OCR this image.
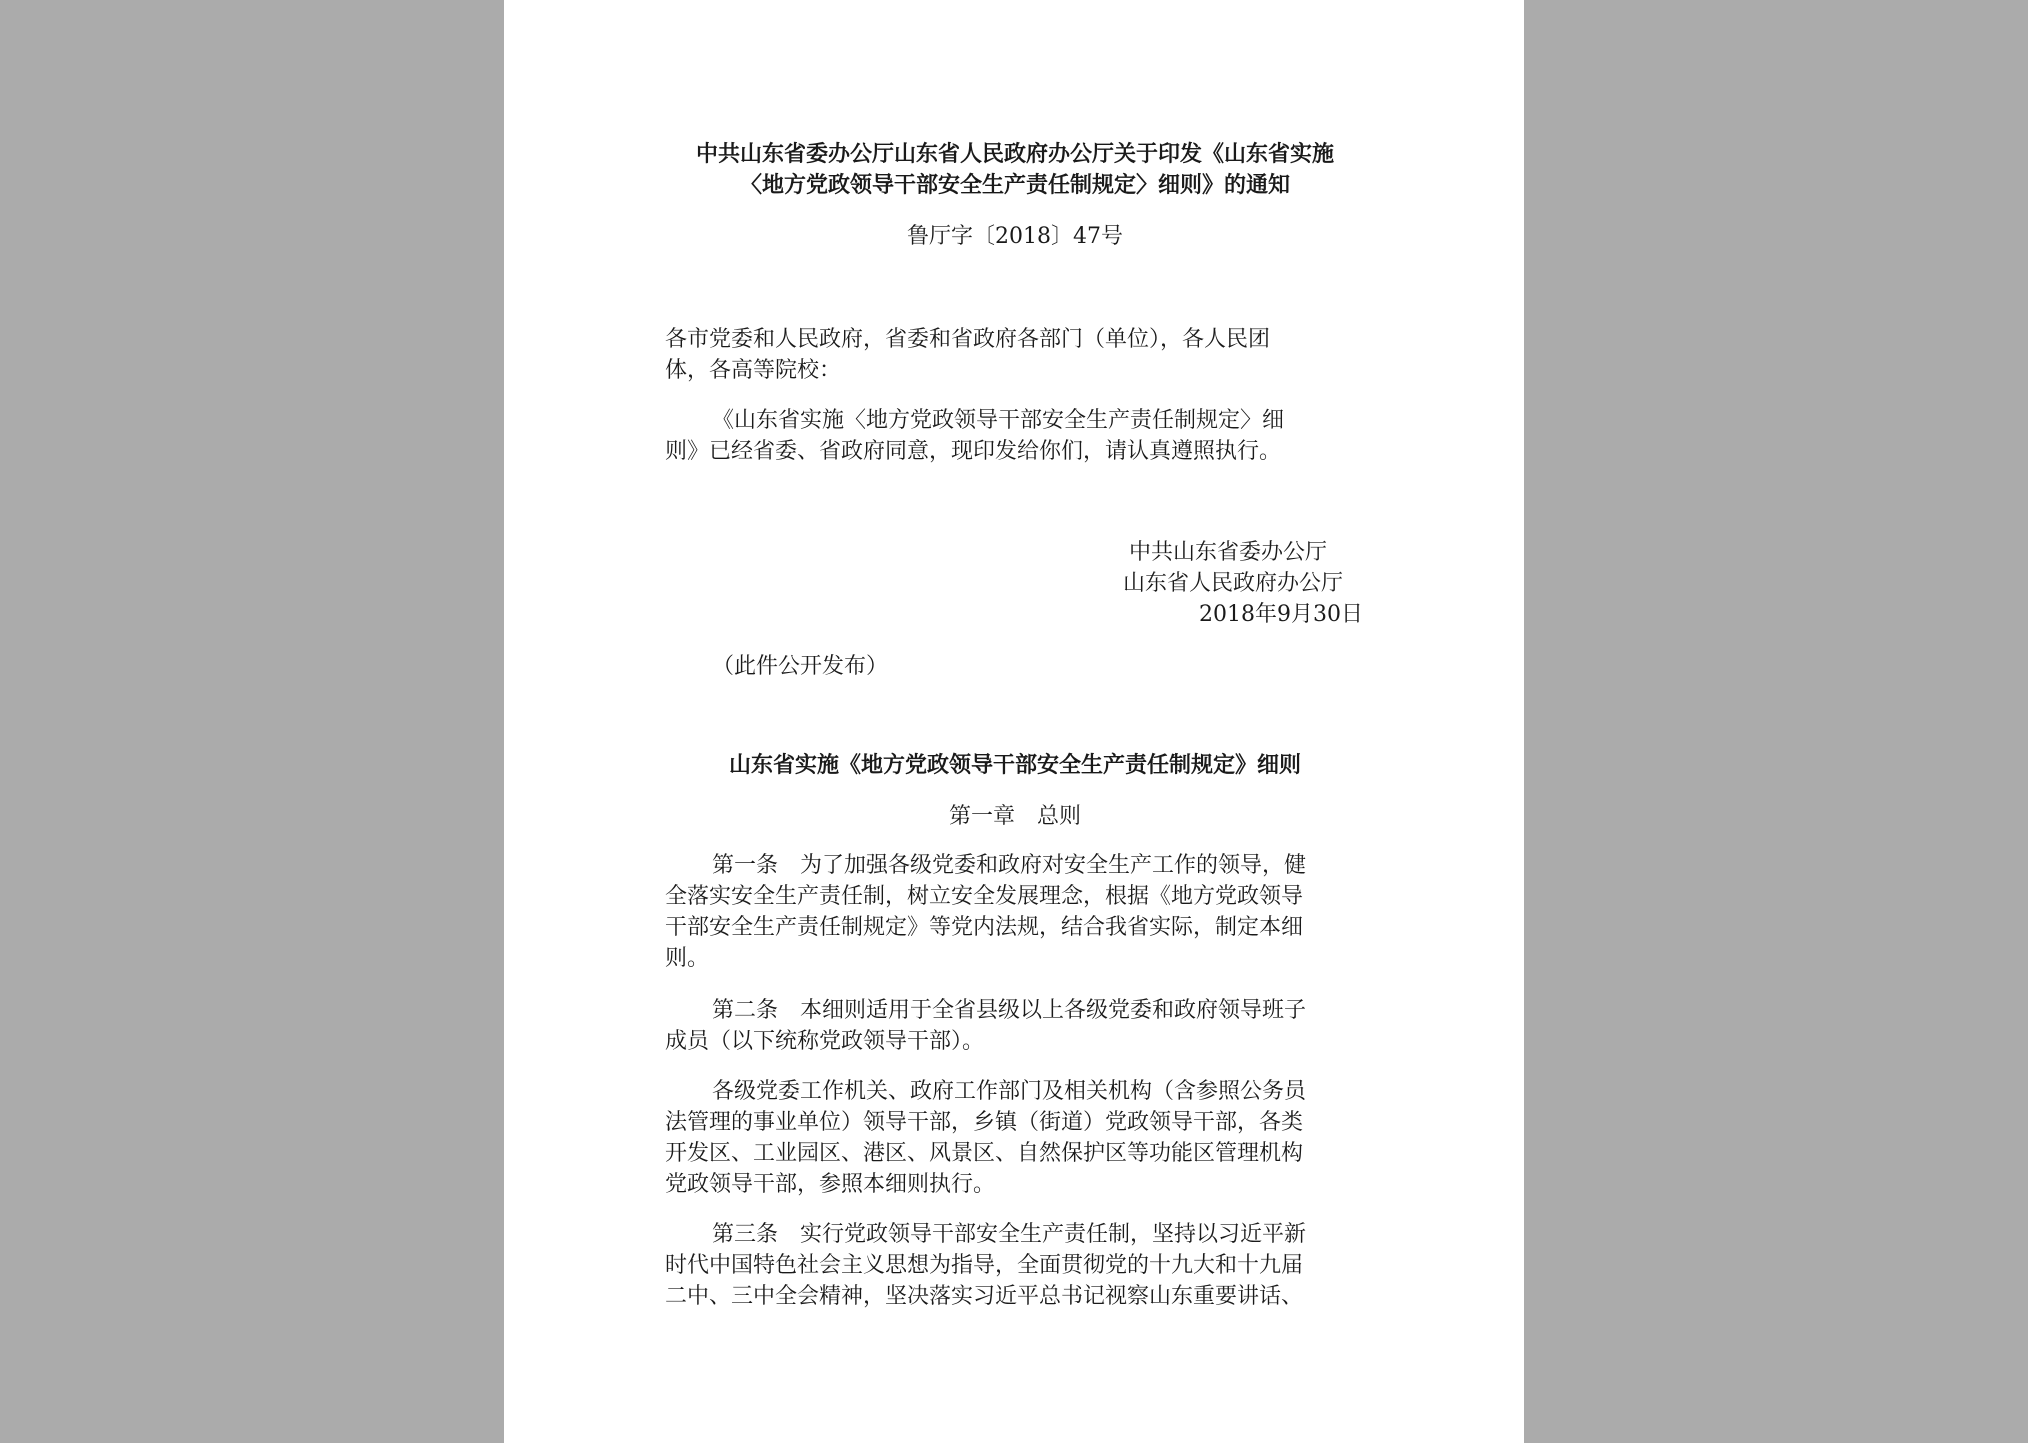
中共山东省委办公厅山东省人民政府办公厅关于印发《山东省实施
〈地方党政领导干部安全生产责任制规定〉细则》的通知
鲁厅字〔2018〕47号
各市党委和人民政府，省委和省政府各部门（单位），各人民团
体，各高等院校：
《山东省实施〈地方党政领导干部安全生产责任制规定〉细
则》已经省委、省政府同意，现印发给你们，请认真遵照执行。
中共山东省委办公厅
山东省人民政府办公厅
2018年9月30日
（此件公开发布）
山东省实施《地方党政领导干部安全生产责任制规定》细则
第一章　总则
第一条　为了加强各级党委和政府对安全生产工作的领导，健
全落实安全生产责任制，树立安全发展理念，根据《地方党政领导
干部安全生产责任制规定》等党内法规，结合我省实际，制定本细
则。
第二条　本细则适用于全省县级以上各级党委和政府领导班子
成员（以下统称党政领导干部）。
各级党委工作机关、政府工作部门及相关机构（含参照公务员
法管理的事业单位）领导干部，乡镇（街道）党政领导干部，各类
开发区、工业园区、港区、风景区、自然保护区等功能区管理机构
党政领导干部，参照本细则执行。
第三条　实行党政领导干部安全生产责任制，坚持以习近平新
时代中国特色社会主义思想为指导，全面贯彻党的十九大和十九届
二中、三中全会精神，坚决落实习近平总书记视察山东重要讲话、
